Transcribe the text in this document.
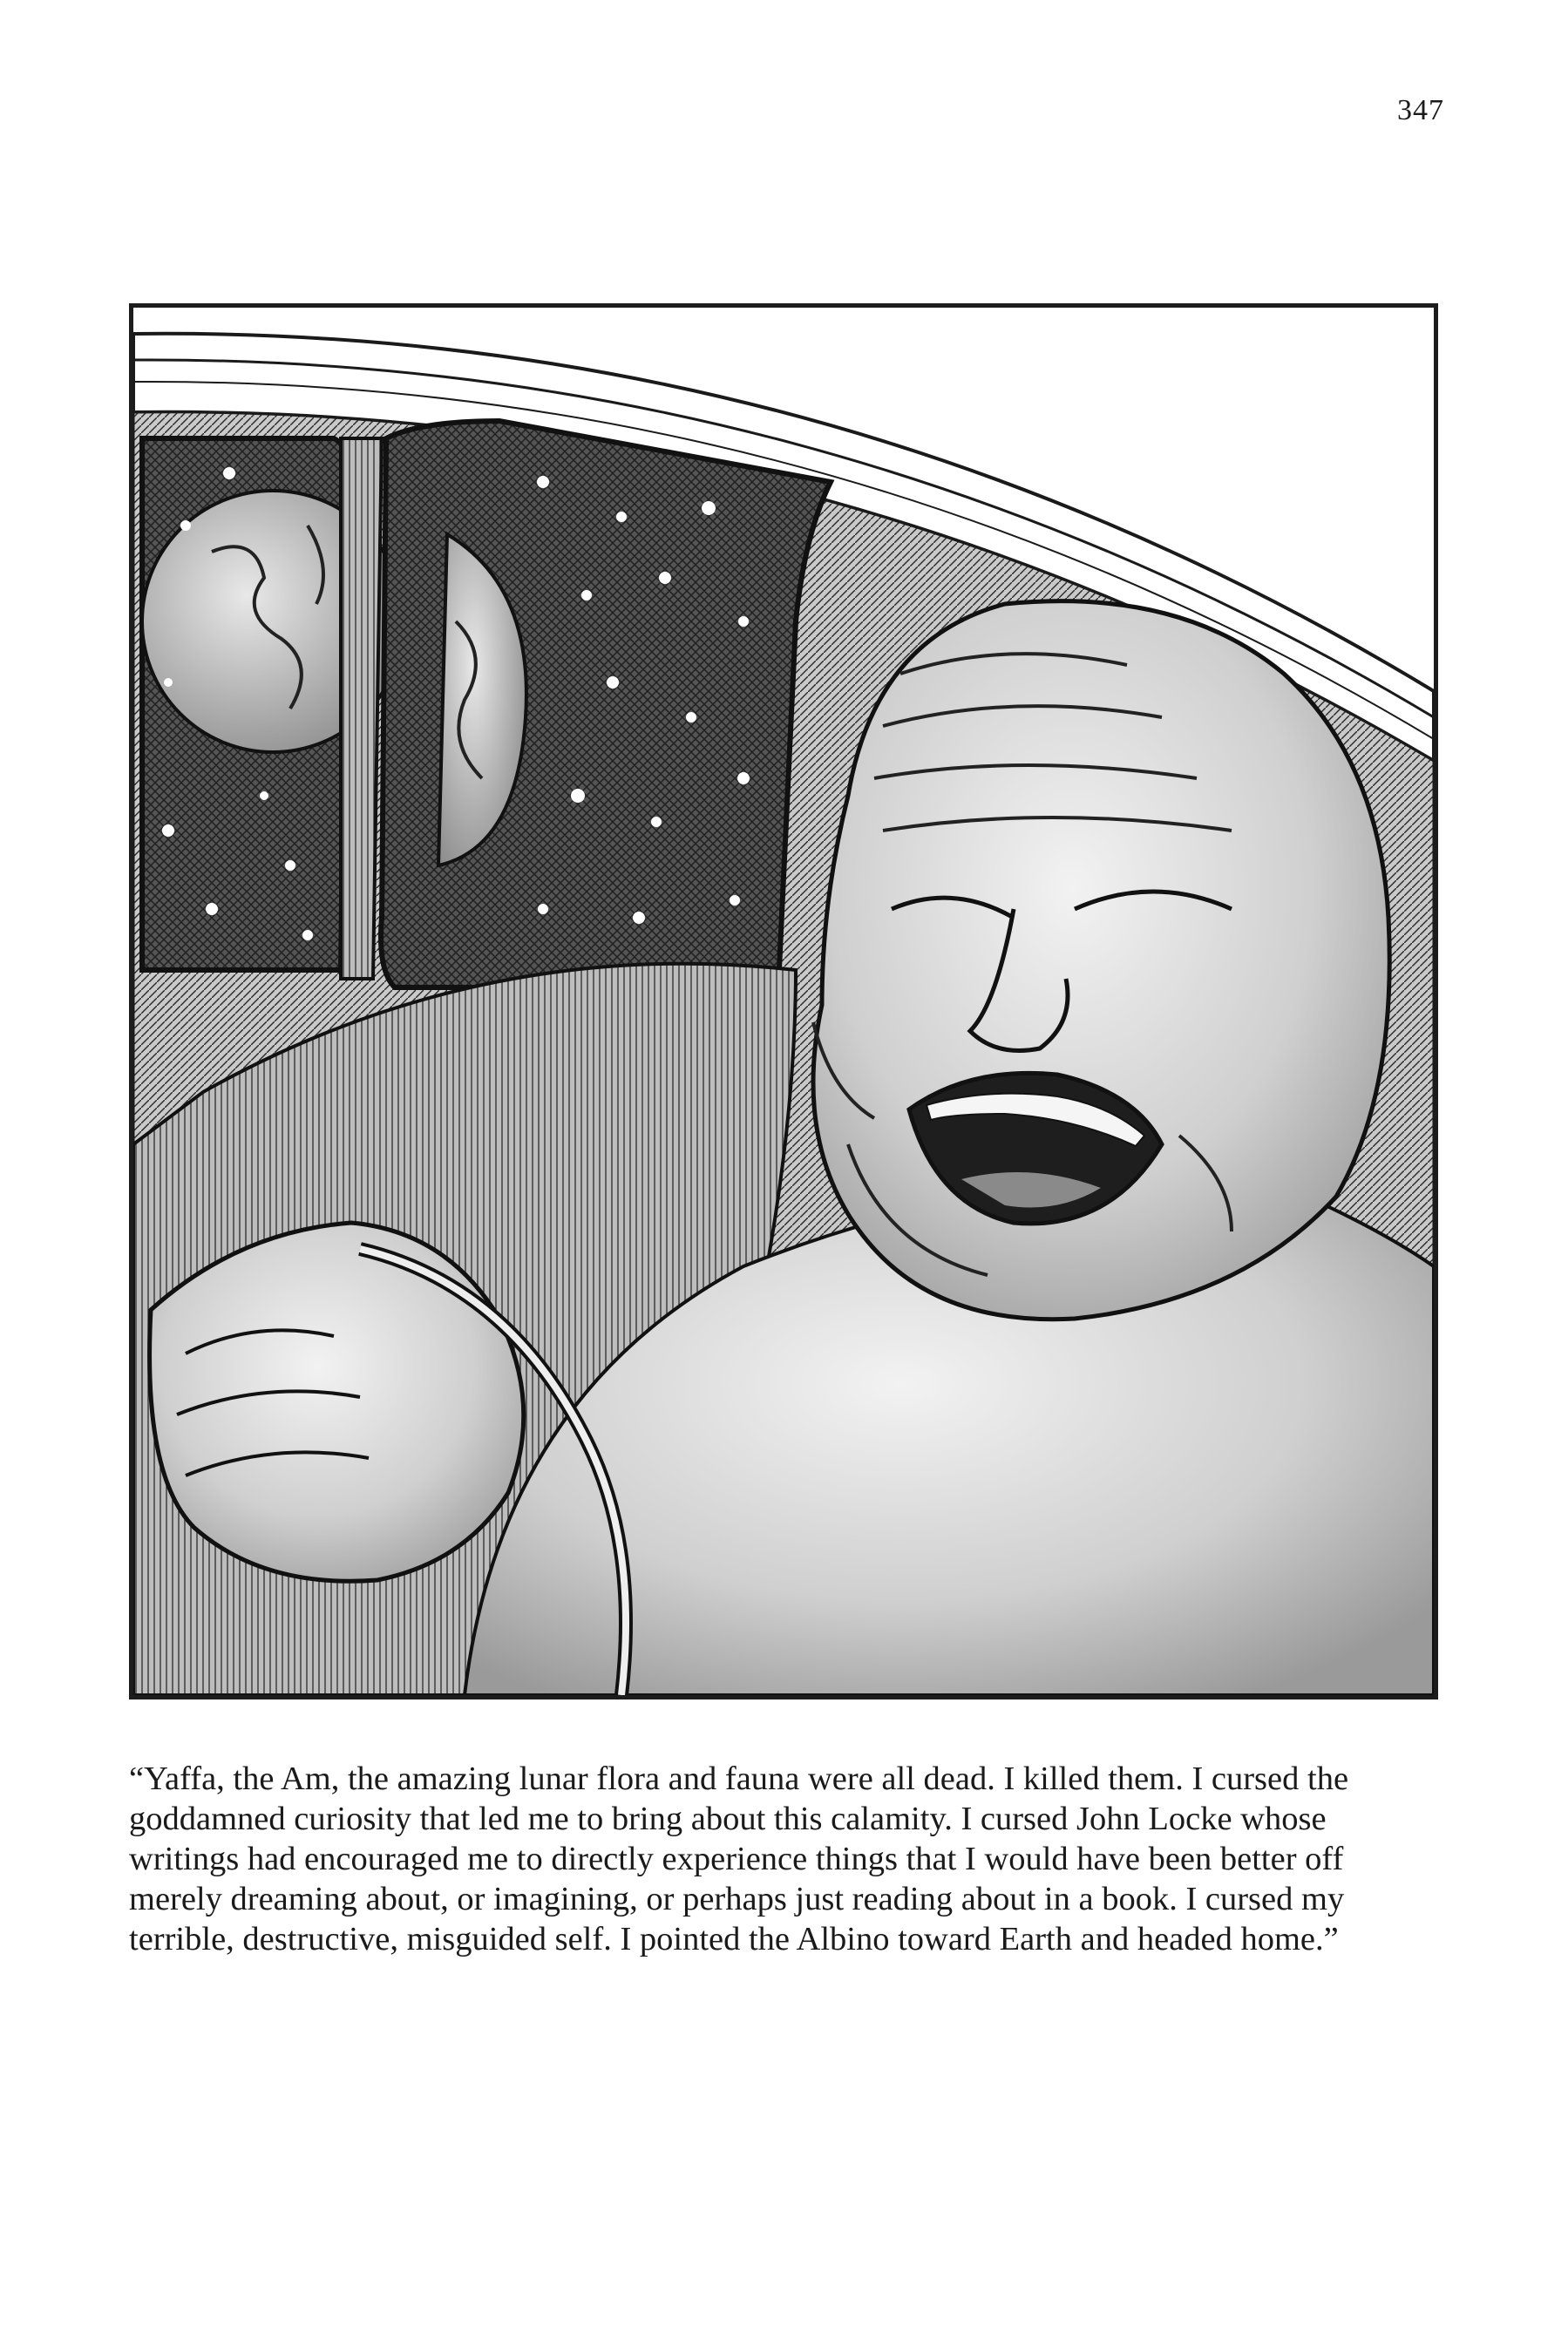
347
“Yaffa, the Am, the amazing lunar flora and fauna were all dead. I killed them. I cursed the goddamned curiosity that led me to bring about this calamity. I cursed John Locke whose writings had encouraged me to directly experience things that I would have been better off merely dreaming about, or imagining, or perhaps just reading about in a book. I cursed my terrible, destructive, misguided self. I pointed the Albino toward Earth and headed home.”
